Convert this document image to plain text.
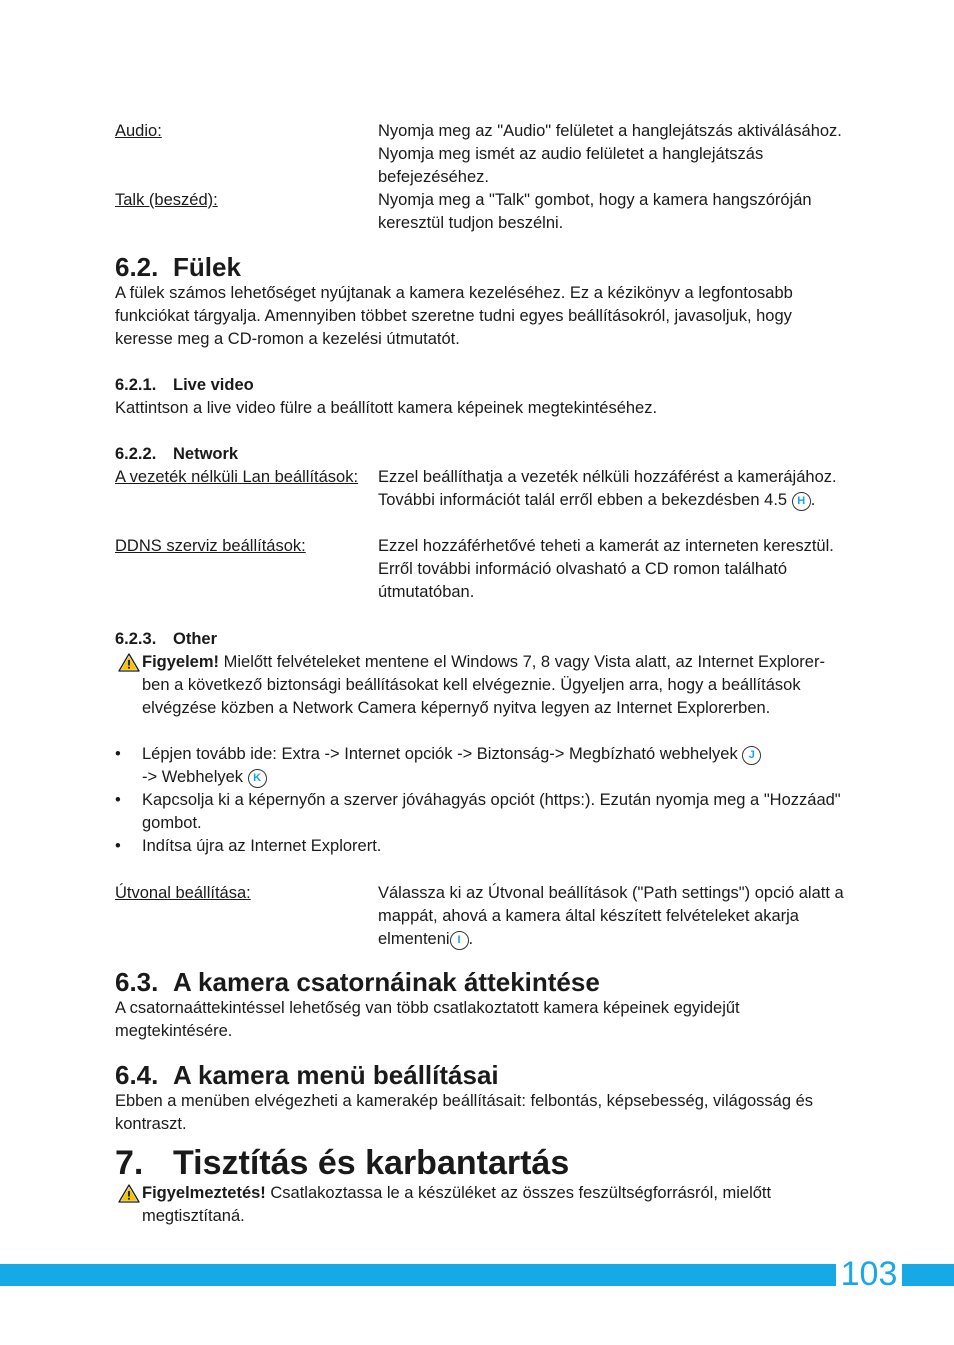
Audio:	Nyomja meg az "Audio" felületet a hanglejátszás aktiválásához. Nyomja meg ismét az audio felületet a hanglejátszás befejezéséhez.
Talk (beszéd):	Nyomja meg a "Talk" gombot, hogy a kamera hangszóróján keresztül tudjon beszélni.
6.2. Fülek
A fülek számos lehetőséget nyújtanak a kamera kezeléséhez. Ez a kézikönyv a legfontosabb funkciókat tárgyalja. Amennyiben többet szeretne tudni egyes beállításokról, javasoljuk, hogy keresse meg a CD-romon a kezelési útmutatót.
6.2.1. Live video
Kattintson a live video fülre a beállított kamera képeinek megtekintéséhez.
6.2.2. Network
A vezeték nélküli Lan beállítások:	Ezzel beállíthatja a vezeték nélküli hozzáférést a kamerájához. További információt talál erről ebben a bekezdésben 4.5 H .
DDNS szerviz beállítások:	Ezzel hozzáférhetővé teheti a kamerát az interneten keresztül. Erről további információ olvasható a CD romon található útmutatóban.
6.2.3. Other
Figyelem! Mielőtt felvételeket mentene el Windows 7, 8 vagy Vista alatt, az Internet Explorer-ben a következő biztonsági beállításokat kell elvégeznie. Ügyeljen arra, hogy a beállítások elvégzése közben a Network Camera képernyő nyitva legyen az Internet Explorerben.
•	Lépjen tovább ide: Extra -> Internet opciók -> Biztonság-> Megbízható webhelyek J
-> Webhelyek K
•	Kapcsolja ki a képernyőn a szerver jóváhagyás opciót (https:). Ezután nyomja meg a "Hozzáad" gombot.
•	Indítsa újra az Internet Explorert.
Útvonal beállítása:	Válassza ki az Útvonal beállítások ("Path settings") opció alatt a mappát, ahová a kamera által készített felvételeket akarja elmenteni I .
6.3. A kamera csatornáinak áttekintése
A csatornaáttekintéssel lehetőség van több csatlakoztatott kamera képeinek egyidejűt megtekintésére.
6.4. A kamera menü beállításai
Ebben a menüben elvégezheti a kamerakép beállításait: felbontás, képsebesség, világosság és kontraszt.
7. Tisztítás és karbantartás
Figyelmeztetés! Csatlakoztassa le a készüléket az összes feszültségforrásról, mielőtt megtisztítaná.
103
